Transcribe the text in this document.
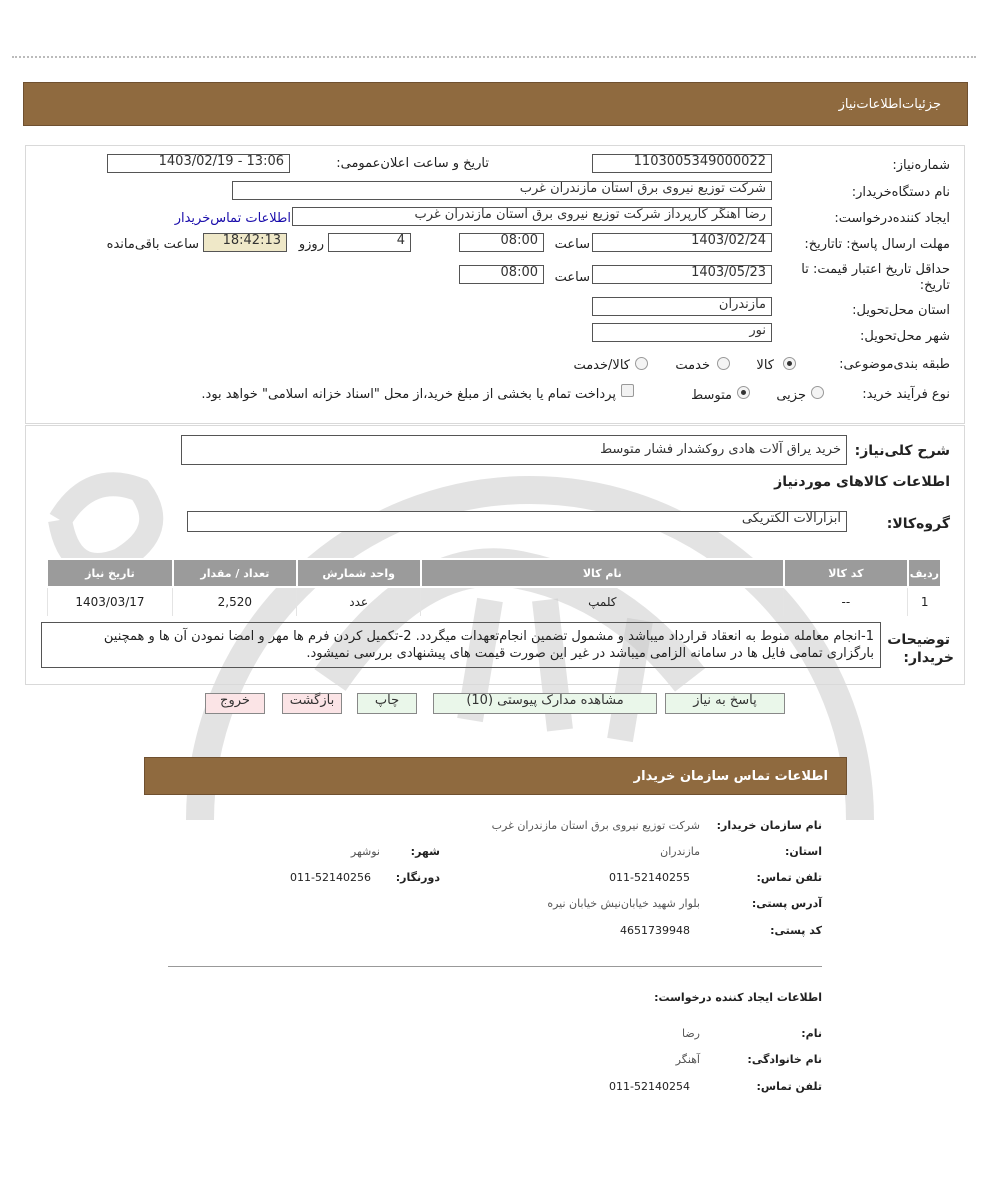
جزئیات‌اطلاعات‌نیاز
شماره‌نیاز:
1103005349000022
تاریخ و ساعت اعلان‌عمومی:
1403/02/19 - 13:06
نام دستگاه‌خریدار:
شرکت توزیع نیروی برق استان مازندران غرب
ایجاد کننده‌درخواست:
رضا آهنگر کارپرداز شرکت توزیع نیروی برق استان مازندران غرب
اطلاعات تماس‌خریدار
مهلت ارسال پاسخ: تاتاریخ:
1403/02/24
ساعت
08:00
4
روزو
18:42:13
ساعت باقی‌مانده
حداقل تاریخ اعتبار قیمت: تا
تاریخ:
1403/05/23
ساعت
08:00
استان محل‌تحویل:
مازندران
شهر محل‌تحویل:
نور
طبقه بندی‌موضوعی:
کالا
خدمت
کالا/خدمت
نوع فرآیند خرید:
جزیی
متوسط
پرداخت تمام یا بخشی از مبلغ خرید،از محل "اسناد خزانه اسلامی" خواهد بود.
شرح کلی‌نیاز:
خرید یراق آلات هادی روکشدار فشار متوسط
اطلاعات کالاهای مورد‌نیاز
گروه‌کالا:
ابزارآلات الکتریکی
ردیف	کد کالا	نام کالا	واحد شمارش	تعداد / مقدار	تاریخ نیاز
1	--	کلمپ	عدد	2,520	1403/03/17
توضیحات
خریدار:
1-انجام معامله منوط به انعقاد قرارداد میباشد و مشمول تضمین انجام‌تعهدات میگردد. 2-تکمیل کردن فرم ها مهر و امضا نمودن آن ها و همچنین
بارگزاری تمامی فایل ها در سامانه الزامی میباشد در غیر این صورت قیمت های پیشنهادی بررسی نمیشود.
پاسخ به نیاز
مشاهده مدارک پیوستی (10)
چاپ
بازگشت
خروج
اطلاعات تماس سازمان خریدار
نام سازمان خریدار:
شرکت توزیع نیروی برق استان مازندران غرب
استان:
مازندران
شهر:
نوشهر
تلفن تماس:
011-52140255
دورنگار:
011-52140256
آدرس پستی:
بلوار شهید خیابان‌نیش خیابان نیره
کد پستی:
4651739948
اطلاعات ایجاد کننده درخواست:
نام:
رضا
نام خانوادگی:
آهنگر
تلفن تماس:
011-52140254
